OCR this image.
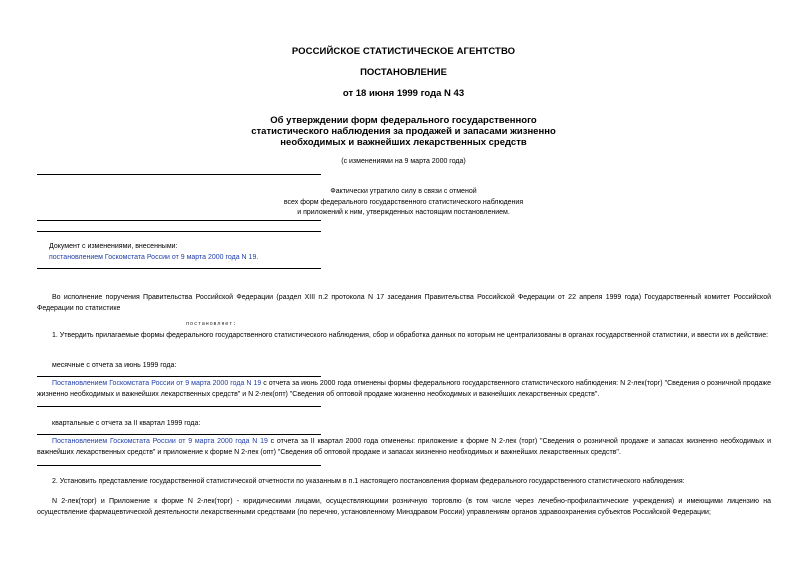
РОССИЙСКОЕ СТАТИСТИЧЕСКОЕ АГЕНТСТВО
ПОСТАНОВЛЕНИЕ
от 18 июня 1999 года N 43
Об утверждении форм федерального государственного
статистического наблюдения за продажей и запасами жизненно
необходимых и важнейших лекарственных средств
(с изменениями на 9 марта 2000 года)
Фактически утратило силу в связи с отменой
всех форм федерального государственного статистического наблюдения
и приложений к ним, утвержденных настоящим постановлением.
Документ с изменениями, внесенными:
постановлением Госкомстата России от 9 марта 2000 года N 19.
Во исполнение поручения Правительства Российской Федерации (раздел XIII п.2 протокола N 17 заседания Правительства Российской Федерации от 22 апреля 1999 года) Государственный комитет Российской Федерации по статистике
постановляет:
1. Утвердить прилагаемые формы федерального государственного статистического наблюдения, сбор и обработка данных по которым не централизованы в органах государственной статистики, и ввести их в действие:
месячные с отчета за июнь 1999 года:
Постановлением Госкомстата России от 9 марта 2000 года N 19 с отчета за июнь 2000 года отменены формы федерального государственного статистического наблюдения: N 2-лек(торг) "Сведения о розничной продаже жизненно необходимых и важнейших лекарственных средств" и N 2-лек(опт) "Сведения об оптовой продаже жизненно необходимых и важнейших лекарственных средств".
квартальные с отчета за II квартал 1999 года:
Постановлением Госкомстата России от 9 марта 2000 года N 19 с отчета за II квартал 2000 года отменены: приложение к форме N 2-лек (торг) "Сведения о розничной продаже и запасах жизненно необходимых и важнейших лекарственных средств" и приложение к форме N 2-лек (опт) "Сведения об оптовой продаже и запасах жизненно необходимых и важнейших лекарственных средств".
2. Установить представление государственной статистической отчетности по указанным в п.1 настоящего постановления формам федерального государственного статистического наблюдения:
N 2-лек(торг) и Приложение к форме N 2-лек(торг) - юридическими лицами, осуществляющими розничную торговлю (в том числе через лечебно-профилактические учреждения) и имеющими лицензию на осуществление фармацевтической деятельности лекарственными средствами (по перечню, установленному Минздравом России) управлениям органов здравоохранения субъектов Российской Федерации;
